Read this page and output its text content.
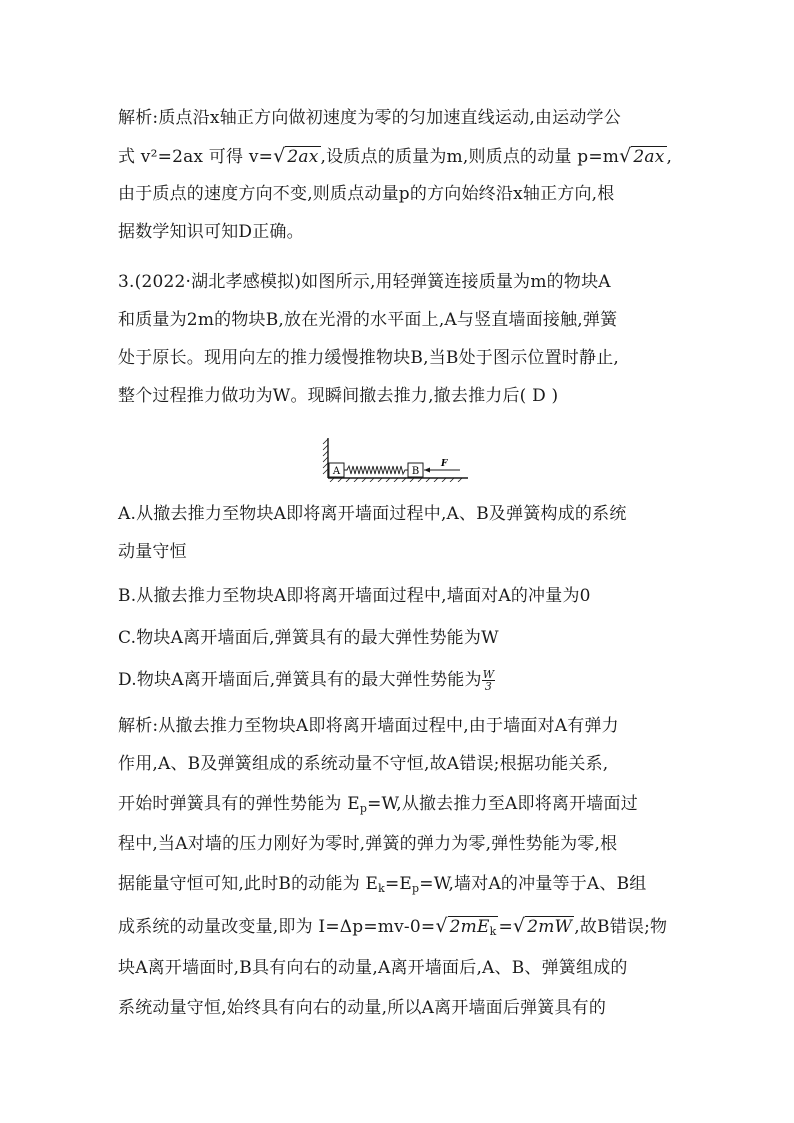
解析:质点沿x轴正方向做初速度为零的匀加速直线运动,由运动学公
式 v²=2ax 可得 v=√ 2ax ,设质点的质量为m,则质点的动量 p=m√ 2ax ,
由于质点的速度方向不变,则质点动量p的方向始终沿x轴正方向,根
据数学知识可知D正确。
3.(2022·湖北孝感模拟)如图所示,用轻弹簧连接质量为m的物块A
和质量为2m的物块B,放在光滑的水平面上,A与竖直墙面接触,弹簧
处于原长。现用向左的推力缓慢推物块B,当B处于图示位置时静止,
整个过程推力做功为W。现瞬间撤去推力,撤去推力后( D )
A	B
F
A.从撤去推力至物块A即将离开墙面过程中,A、B及弹簧构成的系统
动量守恒
B.从撤去推力至物块A即将离开墙面过程中,墙面对A的冲量为0
C.物块A离开墙面后,弹簧具有的最大弹性势能为W
D.物块A离开墙面后,弹簧具有的最大弹性势能为 $\frac{W}{3}$
解析:从撤去推力至物块A即将离开墙面过程中,由于墙面对A有弹力
作用,A、B及弹簧组成的系统动量不守恒,故A错误;根据功能关系,
开始时弹簧具有的弹性势能为 $E_p=W$,从撤去推力至A即将离开墙面过
程中,当A对墙的压力刚好为零时,弹簧的弹力为零,弹性势能为零,根
据能量守恒可知,此时B的动能为 $E_k=E_p=W$,墙对A的冲量等于A、B组
成系统的动量改变量,即为 I=Δp=mv-0=√ $2mE_k$ =√ 2mW ,故B错误;物
块A离开墙面时,B具有向右的动量,A离开墙面后,A、B、弹簧组成的
系统动量守恒,始终具有向右的动量,所以A离开墙面后弹簧具有的
